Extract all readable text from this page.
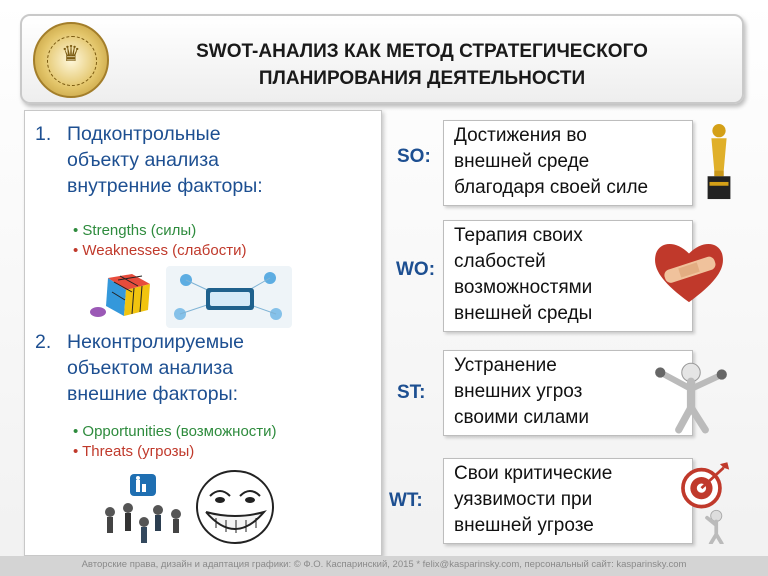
SWOT-АНАЛИЗ КАК МЕТОД СТРАТЕГИЧЕСКОГО
ПЛАНИРОВАНИЯ ДЕЯТЕЛЬНОСТИ
♛
1. Подконтрольные
объекту анализа
внутренние факторы:
• Strengths (силы)
• Weaknesses (слабости)
2. Неконтролируемые
объектом анализа
внешние факторы:
• Opportunities (возможности)
• Threats (угрозы)
SO:
Достижения во
внешней среде
благодаря своей силе
WO:
Терапия своих
слабостей
возможностями
внешней среды
ST:
Устранение
внешних угроз
своими силами
WT:
Свои критические
уязвимости при
внешней угрозе
Авторские права, дизайн и адаптация графики: © Ф.О. Каспаринский, 2015 * felix@kasparinsky.com, персональный сайт: kasparinsky.com
